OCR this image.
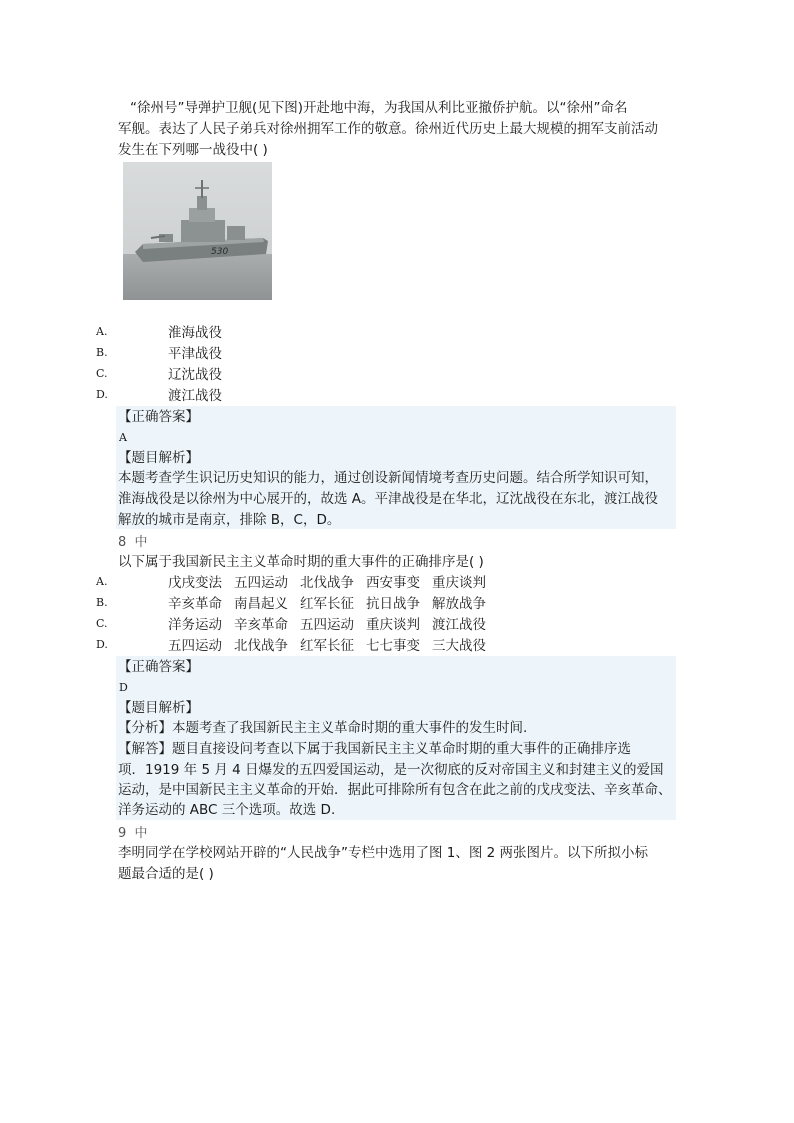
“徐州号”导弹护卫舰(见下图)开赴地中海，为我国从利比亚撤侨护航。以“徐州”命名
军舰。表达了人民子弟兵对徐州拥军工作的敬意。徐州近代历史上最大规模的拥军支前活动
发生在下列哪一战役中( )
530
A.	淮海战役
B.	平津战役
C.	辽沈战役
D.	渡江战役
【正确答案】
A
【题目解析】
本题考查学生识记历史知识的能力，通过创设新闻情境考查历史问题。结合所学知识可知，
淮海战役是以徐州为中心展开的，故选 A。平津战役是在华北，辽沈战役在东北，渡江战役
解放的城市是南京，排除 B，C，D。
8 中
以下属于我国新民主主义革命时期的重大事件的正确排序是( )
A.	戊戌变法 五四运动 北伐战争 西安事变 重庆谈判
B.	辛亥革命 南昌起义 红军长征 抗日战争 解放战争
C.	洋务运动 辛亥革命 五四运动 重庆谈判 渡江战役
D.	五四运动 北伐战争 红军长征 七七事变 三大战役
【正确答案】
D
【题目解析】
【分析】本题考查了我国新民主主义革命时期的重大事件的发生时间.
【解答】题目直接设问考查以下属于我国新民主主义革命时期的重大事件的正确排序选
项．1919 年 5 月 4 日爆发的五四爱国运动，是一次彻底的反对帝国主义和封建主义的爱国
运动，是中国新民主主义革命的开始．据此可排除所有包含在此之前的戊戌变法、辛亥革命、
洋务运动的 ABC 三个选项。故选 D.
9 中
李明同学在学校网站开辟的“人民战争”专栏中选用了图 1、图 2 两张图片。以下所拟小标
题最合适的是( )
